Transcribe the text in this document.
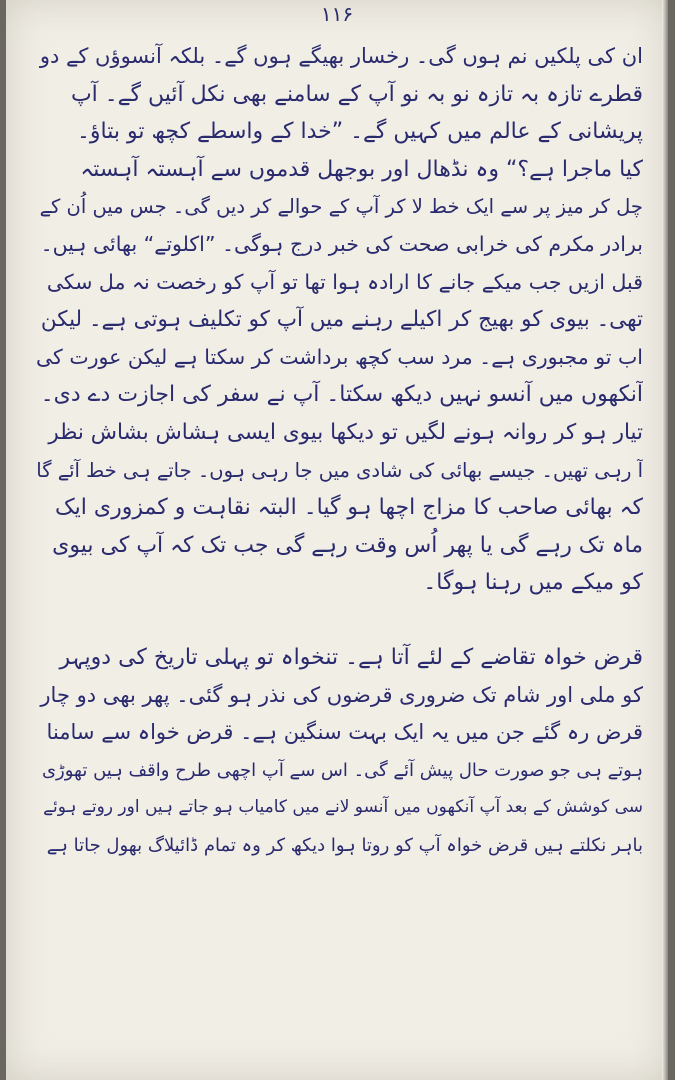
۱۱۶
ان کی پلکیں نم ہوں گی۔ رخسار بھیگے ہوں گے۔ بلکہ آنسوؤں کے دو
قطرے تازہ بہ تازہ نو بہ نو آپ کے سامنے بھی نکل آئیں گے۔ آپ
پریشانی کے عالم میں کہیں گے۔ ”خدا کے واسطے کچھ تو بتاؤ۔
کیا ماجرا ہے؟“ وہ نڈھال اور بوجھل قدموں سے آہستہ آہستہ
چل کر میز پر سے ایک خط لا کر آپ کے حوالے کر دیں گی۔ جس میں اُن کے
برادر مکرم کی خرابی صحت کی خبر درج ہوگی۔ ”اکلوتے“ بھائی ہیں۔
قبل ازیں جب میکے جانے کا ارادہ ہوا تھا تو آپ کو رخصت نہ مل سکی
تھی۔ بیوی کو بھیج کر اکیلے رہنے میں آپ کو تکلیف ہوتی ہے۔ لیکن
اب تو مجبوری ہے۔ مرد سب کچھ برداشت کر سکتا ہے لیکن عورت کی
آنکھوں میں آنسو نہیں دیکھ سکتا۔ آپ نے سفر کی اجازت دے دی۔
تیار ہو کر روانہ ہونے لگیں تو دیکھا بیوی ایسی ہشاش بشاش نظر
آ رہی تھیں۔ جیسے بھائی کی شادی میں جا رہی ہوں۔ جاتے ہی خط آئے گا
کہ بھائی صاحب کا مزاج اچھا ہو گیا۔ البتہ نقاہت و کمزوری ایک
ماہ تک رہے گی یا پھر اُس وقت رہے گی جب تک کہ آپ کی بیوی
کو میکے میں رہنا ہوگا۔
قرض خواہ تقاضے کے لئے آتا ہے۔ تنخواہ تو پہلی تاریخ کی دوپہر
کو ملی اور شام تک ضروری قرضوں کی نذر ہو گئی۔ پھر بھی دو چار
قرض رہ گئے جن میں یہ ایک بہت سنگین ہے۔ قرض خواہ سے سامنا
ہوتے ہی جو صورت حال پیش آئے گی۔ اس سے آپ اچھی طرح واقف ہیں تھوڑی
سی کوشش کے بعد آپ آنکھوں میں آنسو لانے میں کامیاب ہو جاتے ہیں اور روتے ہوئے
باہر نکلتے ہیں قرض خواہ آپ کو روتا ہوا دیکھ کر وہ تمام ڈائیلاگ بھول جاتا ہے
